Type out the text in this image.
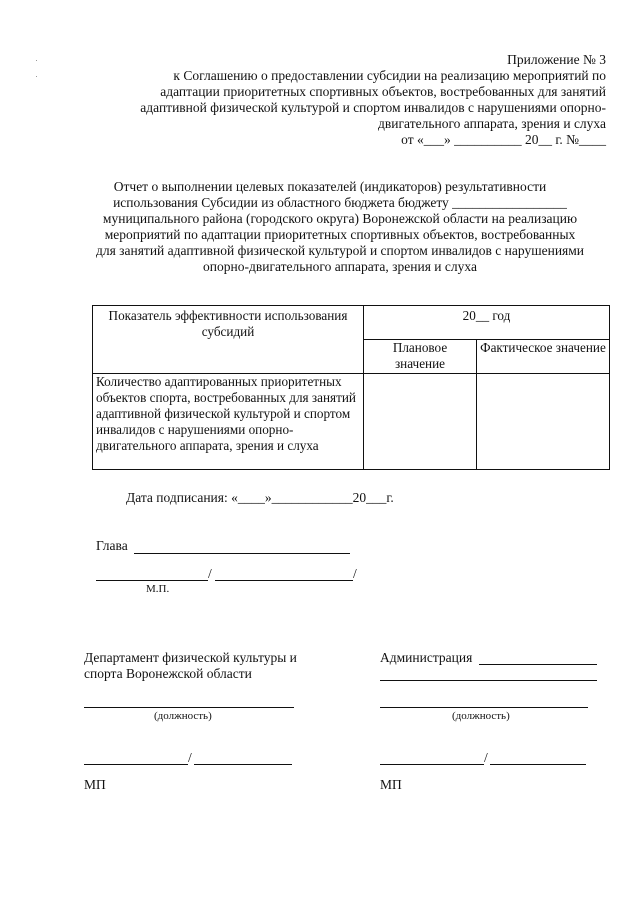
Приложение № 3
к Соглашению о предоставлении субсидии на реализацию мероприятий по
адаптации приоритетных спортивных объектов, востребованных для занятий
адаптивной физической культурой и спортом инвалидов с нарушениями опорно-
двигательного аппарата, зрения и слуха
от «___» __________ 20__ г. №____
Отчет о выполнении целевых показателей (индикаторов) результативности
использования Субсидии из областного бюджета бюджету _________________
муниципального района (городского округа) Воронежской области на реализацию
мероприятий по адаптации приоритетных спортивных объектов, востребованных
для занятий адаптивной физической культурой и спортом инвалидов с нарушениями
опорно-двигательного аппарата, зрения и слуха
Показатель эффективности использования субсидий	20__ год	
	Плановое значение	Фактическое значение
Количество адаптированных приоритетных объектов спорта, востребованных для занятий адаптивной физической культурой и спортом инвалидов с нарушениями опорно-двигательного аппарата, зрения и слуха		
Дата подписания: «____»____________20___г.
Глава
/	/
М.П.
Департамент физической культуры и
спорта Воронежской области
(должность)
/
МП
Администрация
(должность)
/
МП
